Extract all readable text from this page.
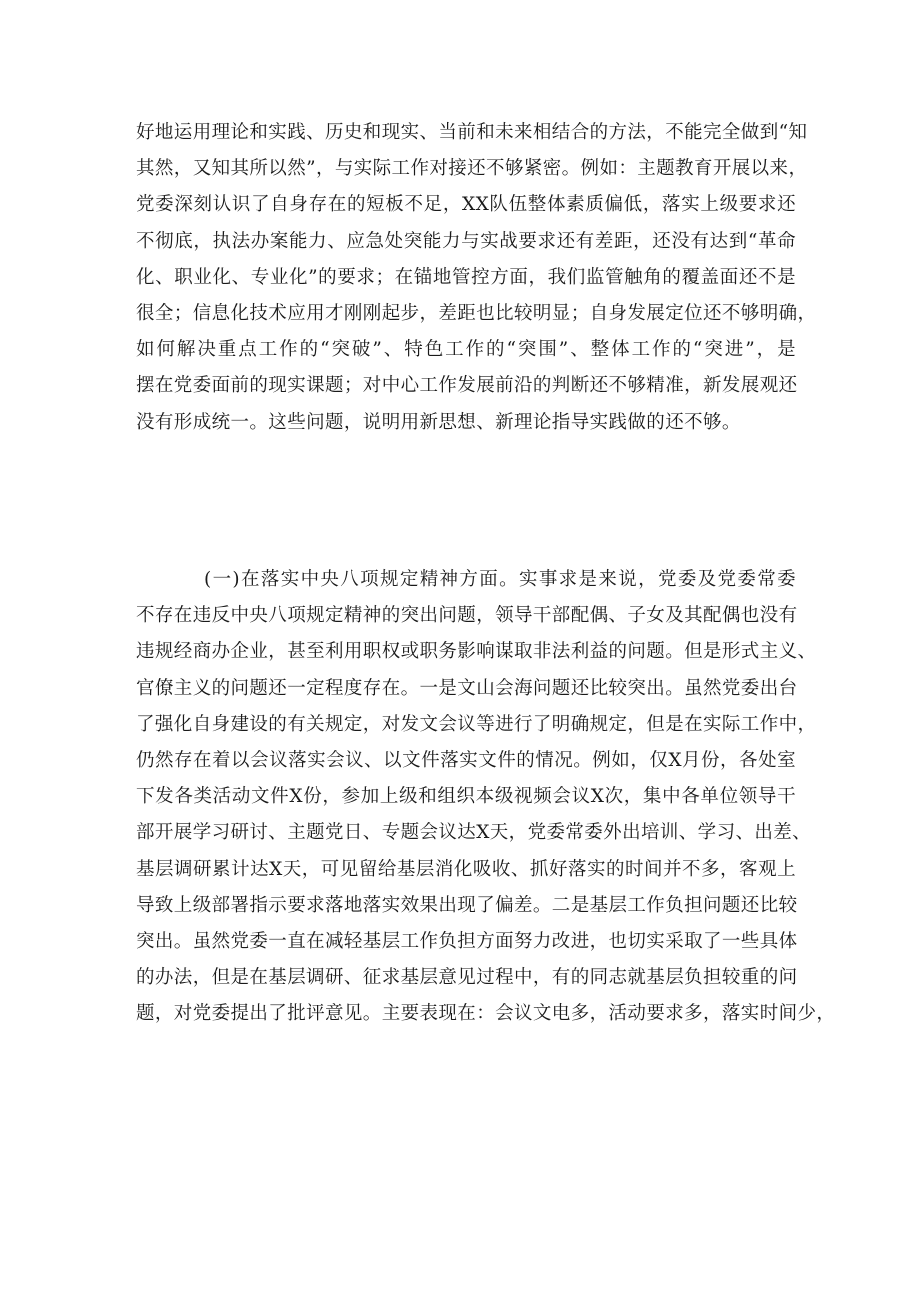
好地运用理论和实践、历史和现实、当前和未来相结合的方法，不能完全做到“知
其然，又知其所以然”，与实际工作对接还不够紧密。例如：主题教育开展以来，
党委深刻认识了自身存在的短板不足，XX队伍整体素质偏低，落实上级要求还
不彻底，执法办案能力、应急处突能力与实战要求还有差距，还没有达到“革命
化、职业化、专业化”的要求；在锚地管控方面，我们监管触角的覆盖面还不是
很全；信息化技术应用才刚刚起步，差距也比较明显；自身发展定位还不够明确，
如何解决重点工作的“突破”、特色工作的“突围”、整体工作的“突进”，是
摆在党委面前的现实课题；对中心工作发展前沿的判断还不够精准，新发展观还
没有形成统一。这些问题，说明用新思想、新理论指导实践做的还不够。
(一)在落实中央八项规定精神方面。实事求是来说，党委及党委常委
不存在违反中央八项规定精神的突出问题，领导干部配偶、子女及其配偶也没有
违规经商办企业，甚至利用职权或职务影响谋取非法利益的问题。但是形式主义、
官僚主义的问题还一定程度存在。一是文山会海问题还比较突出。虽然党委出台
了强化自身建设的有关规定，对发文会议等进行了明确规定，但是在实际工作中，
仍然存在着以会议落实会议、以文件落实文件的情况。例如，仅X月份，各处室
下发各类活动文件X份，参加上级和组织本级视频会议X次，集中各单位领导干
部开展学习研讨、主题党日、专题会议达X天，党委常委外出培训、学习、出差、
基层调研累计达X天，可见留给基层消化吸收、抓好落实的时间并不多，客观上
导致上级部署指示要求落地落实效果出现了偏差。二是基层工作负担问题还比较
突出。虽然党委一直在减轻基层工作负担方面努力改进，也切实采取了一些具体
的办法，但是在基层调研、征求基层意见过程中，有的同志就基层负担较重的问
题，对党委提出了批评意见。主要表现在：会议文电多，活动要求多，落实时间少，
